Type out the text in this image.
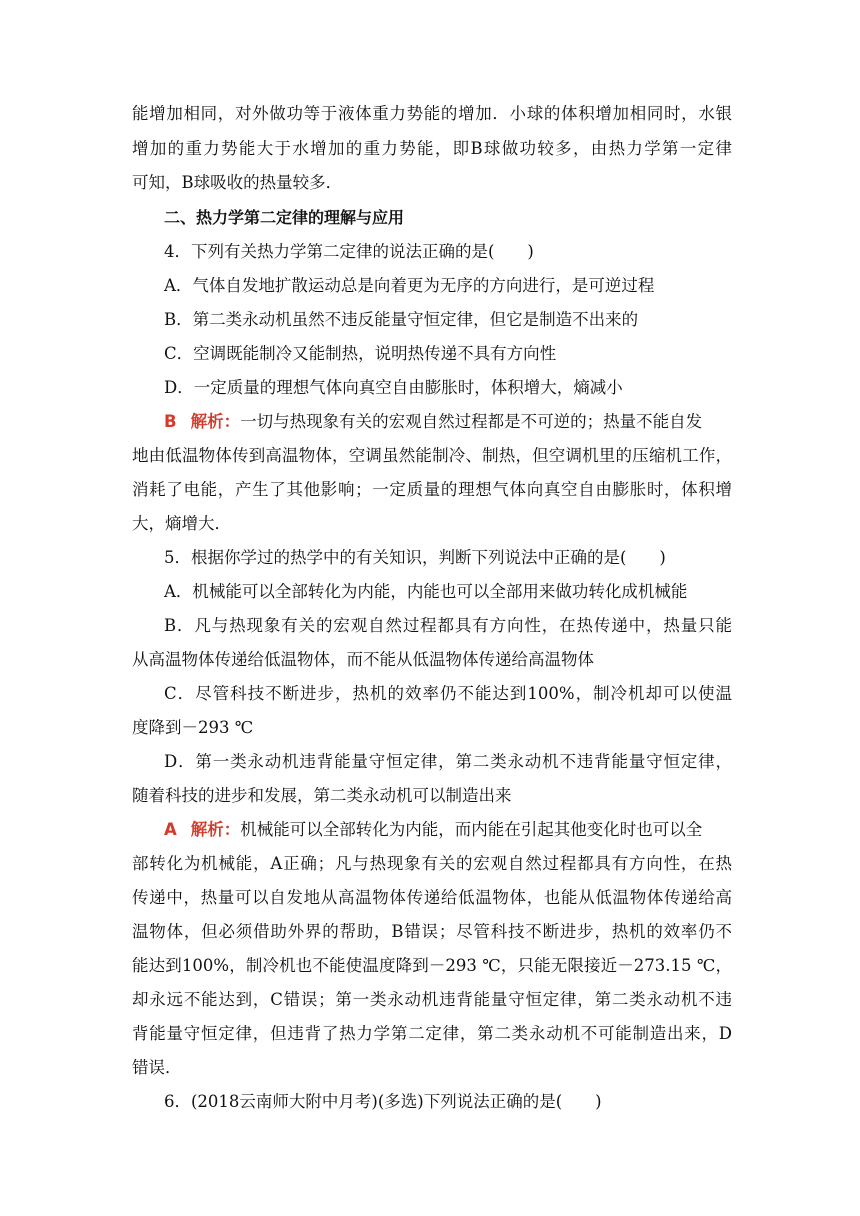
能增加相同，对外做功等于液体重力势能的增加．小球的体积增加相同时，水银
增加的重力势能大于水增加的重力势能，即B球做功较多，由热力学第一定律
可知，B球吸收的热量较多．
二、热力学第二定律的理解与应用
4．下列有关热力学第二定律的说法正确的是(　　)
A．气体自发地扩散运动总是向着更为无序的方向进行，是可逆过程
B．第二类永动机虽然不违反能量守恒定律，但它是制造不出来的
C．空调既能制冷又能制热，说明热传递不具有方向性
D．一定质量的理想气体向真空自由膨胀时，体积增大，熵减小
B 解析：一切与热现象有关的宏观自然过程都是不可逆的；热量不能自发
地由低温物体传到高温物体，空调虽然能制冷、制热，但空调机里的压缩机工作，
消耗了电能，产生了其他影响；一定质量的理想气体向真空自由膨胀时，体积增
大，熵增大．
5．根据你学过的热学中的有关知识，判断下列说法中正确的是(　　)
A．机械能可以全部转化为内能，内能也可以全部用来做功转化成机械能
B．凡与热现象有关的宏观自然过程都具有方向性，在热传递中，热量只能
从高温物体传递给低温物体，而不能从低温物体传递给高温物体
C．尽管科技不断进步，热机的效率仍不能达到100%，制冷机却可以使温
度降到－293 ℃
D．第一类永动机违背能量守恒定律，第二类永动机不违背能量守恒定律，
随着科技的进步和发展，第二类永动机可以制造出来
A 解析：机械能可以全部转化为内能，而内能在引起其他变化时也可以全
部转化为机械能，A正确；凡与热现象有关的宏观自然过程都具有方向性，在热
传递中，热量可以自发地从高温物体传递给低温物体，也能从低温物体传递给高
温物体，但必须借助外界的帮助，B错误；尽管科技不断进步，热机的效率仍不
能达到100%，制冷机也不能使温度降到－293 ℃，只能无限接近－273.15 ℃，
却永远不能达到，C错误；第一类永动机违背能量守恒定律，第二类永动机不违
背能量守恒定律，但违背了热力学第二定律，第二类永动机不可能制造出来，D
错误．
6．(2018云南师大附中月考)(多选)下列说法正确的是(　　)
